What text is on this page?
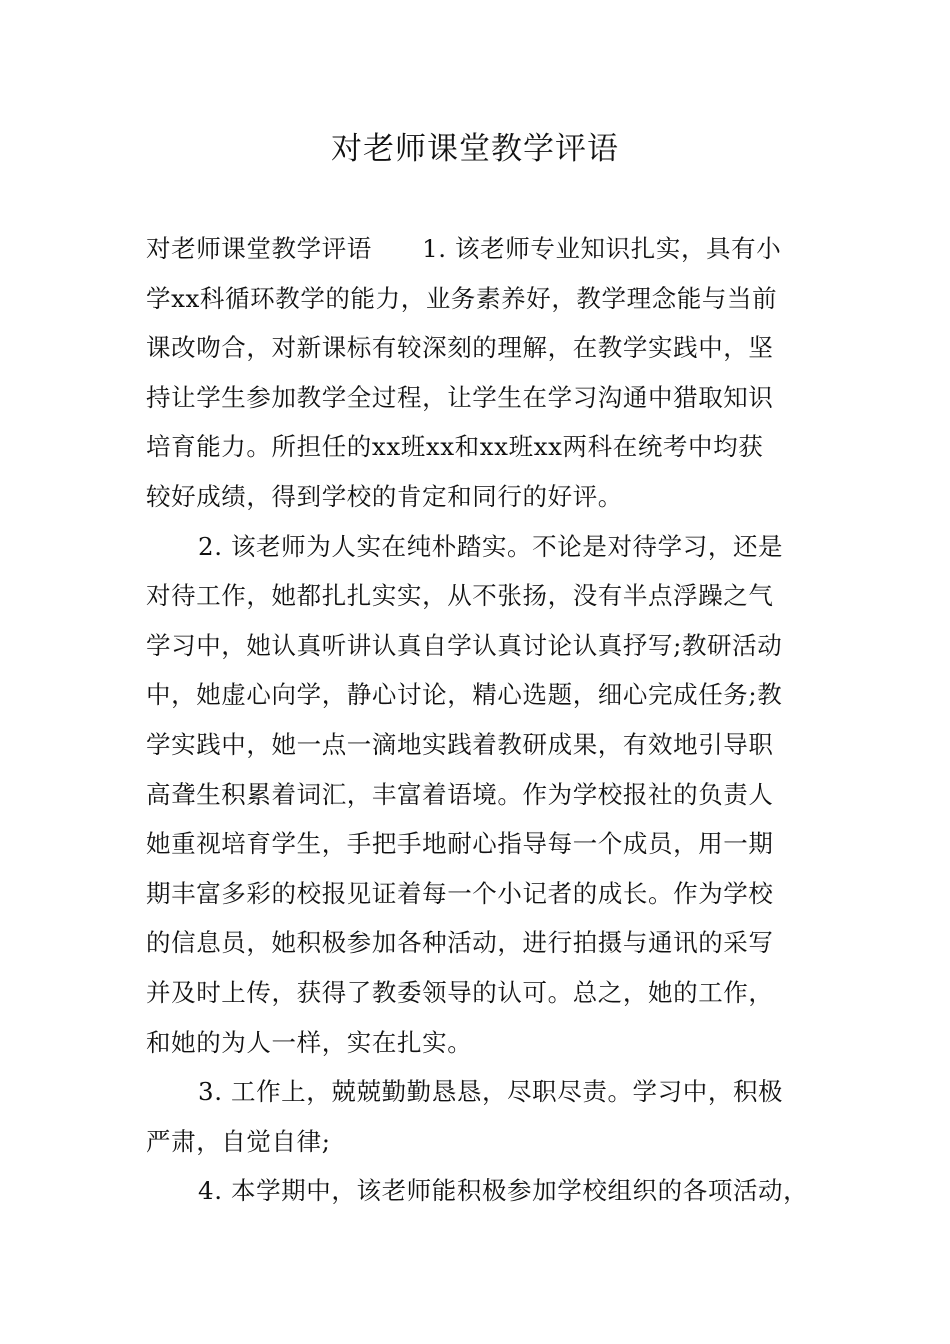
对老师课堂教学评语
对老师课堂教学评语　　1. 该老师专业知识扎实，具有小
学xx科循环教学的能力，业务素养好，教学理念能与当前
课改吻合，对新课标有较深刻的理解，在教学实践中，坚
持让学生参加教学全过程，让学生在学习沟通中猎取知识
培育能力。所担任的xx班xx和xx班xx两科在统考中均获
较好成绩，得到学校的肯定和同行的好评。
2. 该老师为人实在纯朴踏实。不论是对待学习，还是
对待工作，她都扎扎实实，从不张扬，没有半点浮躁之气
学习中，她认真听讲认真自学认真讨论认真抒写;教研活动
中，她虚心向学，静心讨论，精心选题，细心完成任务;教
学实践中，她一点一滴地实践着教研成果，有效地引导职
高聋生积累着词汇，丰富着语境。作为学校报社的负责人
她重视培育学生，手把手地耐心指导每一个成员，用一期
期丰富多彩的校报见证着每一个小记者的成长。作为学校
的信息员，她积极参加各种活动，进行拍摄与通讯的采写
并及时上传，获得了教委领导的认可。总之，她的工作，
和她的为人一样，实在扎实。
3. 工作上，兢兢勤勤恳恳，尽职尽责。学习中，积极
严肃，自觉自律;
4. 本学期中，该老师能积极参加学校组织的各项活动，
